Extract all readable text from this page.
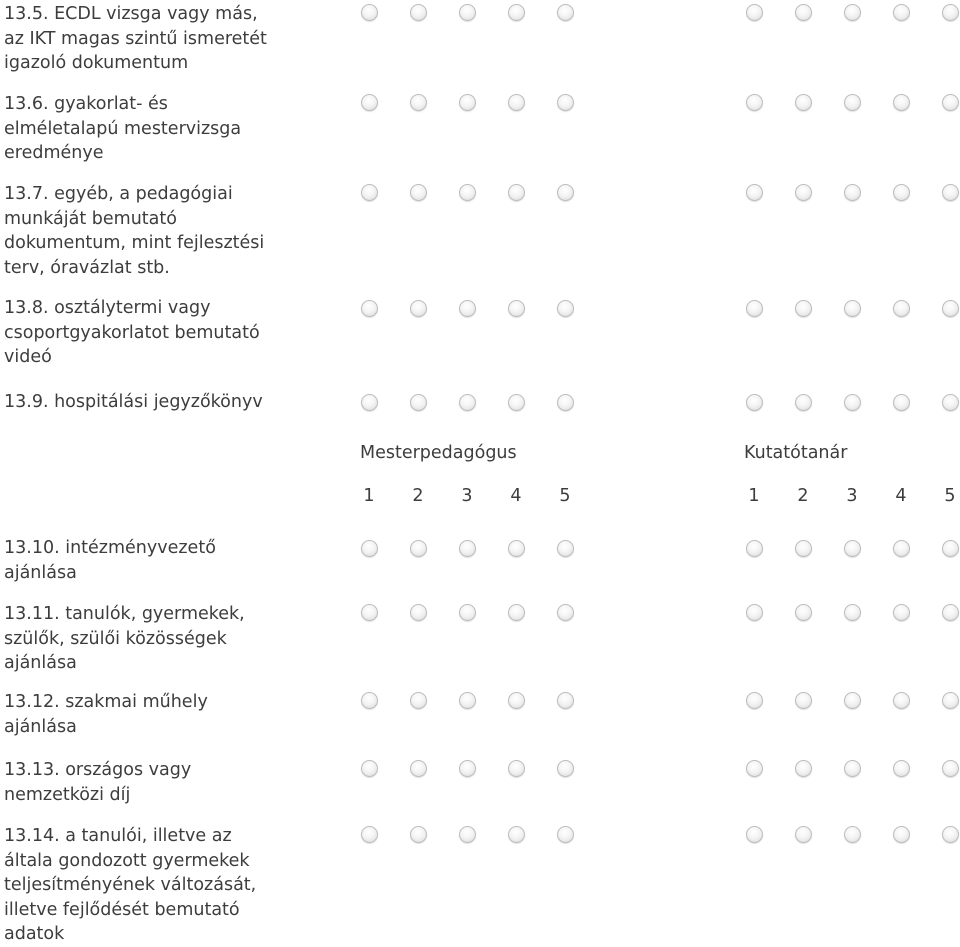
Mesterpedagógus
1	2	3	4	5
Kutatótanár
1	2	3	4	5
13.5. ECDL vizsga vagy más,
az IKT magas szintű ismeretét
igazoló dokumentum
13.6. gyakorlat- és
elméletalapú mestervizsga
eredménye
13.7. egyéb, a pedagógiai
munkáját bemutató
dokumentum, mint fejlesztési
terv, óravázlat stb.
13.8. osztálytermi vagy
csoportgyakorlatot bemutató
videó
13.9. hospitálási jegyzőkönyv
13.10. intézményvezető
ajánlása
13.11. tanulók, gyermekek,
szülők, szülői közösségek
ajánlása
13.12. szakmai műhely
ajánlása
13.13. országos vagy
nemzetközi díj
13.14. a tanulói, illetve az
általa gondozott gyermekek
teljesítményének változását,
illetve fejlődését bemutató
adatok
